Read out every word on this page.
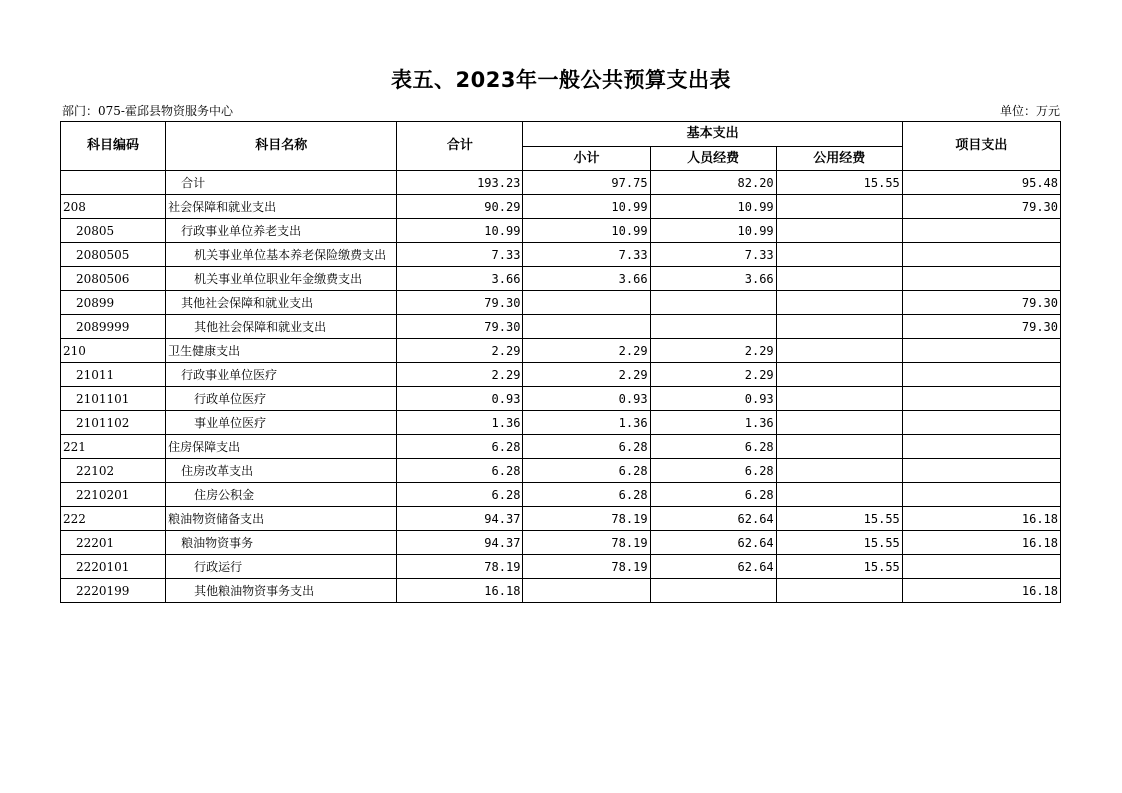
表五、2023年一般公共预算支出表
部门：075-霍邱县物资服务中心	单位：万元
科目编码	科目名称	合计	基本支出			项目支出
			小计	人员经费	公用经费	
	合计	193.23	97.75	82.20	15.55	95.48
208	社会保障和就业支出	90.29	10.99	10.99		79.30
20805	行政事业单位养老支出	10.99	10.99	10.99		
2080505	机关事业单位基本养老保险缴费支出	7.33	7.33	7.33		
2080506	机关事业单位职业年金缴费支出	3.66	3.66	3.66		
20899	其他社会保障和就业支出	79.30				79.30
2089999	其他社会保障和就业支出	79.30				79.30
210	卫生健康支出	2.29	2.29	2.29		
21011	行政事业单位医疗	2.29	2.29	2.29		
2101101	行政单位医疗	0.93	0.93	0.93		
2101102	事业单位医疗	1.36	1.36	1.36		
221	住房保障支出	6.28	6.28	6.28		
22102	住房改革支出	6.28	6.28	6.28		
2210201	住房公积金	6.28	6.28	6.28		
222	粮油物资储备支出	94.37	78.19	62.64	15.55	16.18
22201	粮油物资事务	94.37	78.19	62.64	15.55	16.18
2220101	行政运行	78.19	78.19	62.64	15.55	
2220199	其他粮油物资事务支出	16.18				16.18
